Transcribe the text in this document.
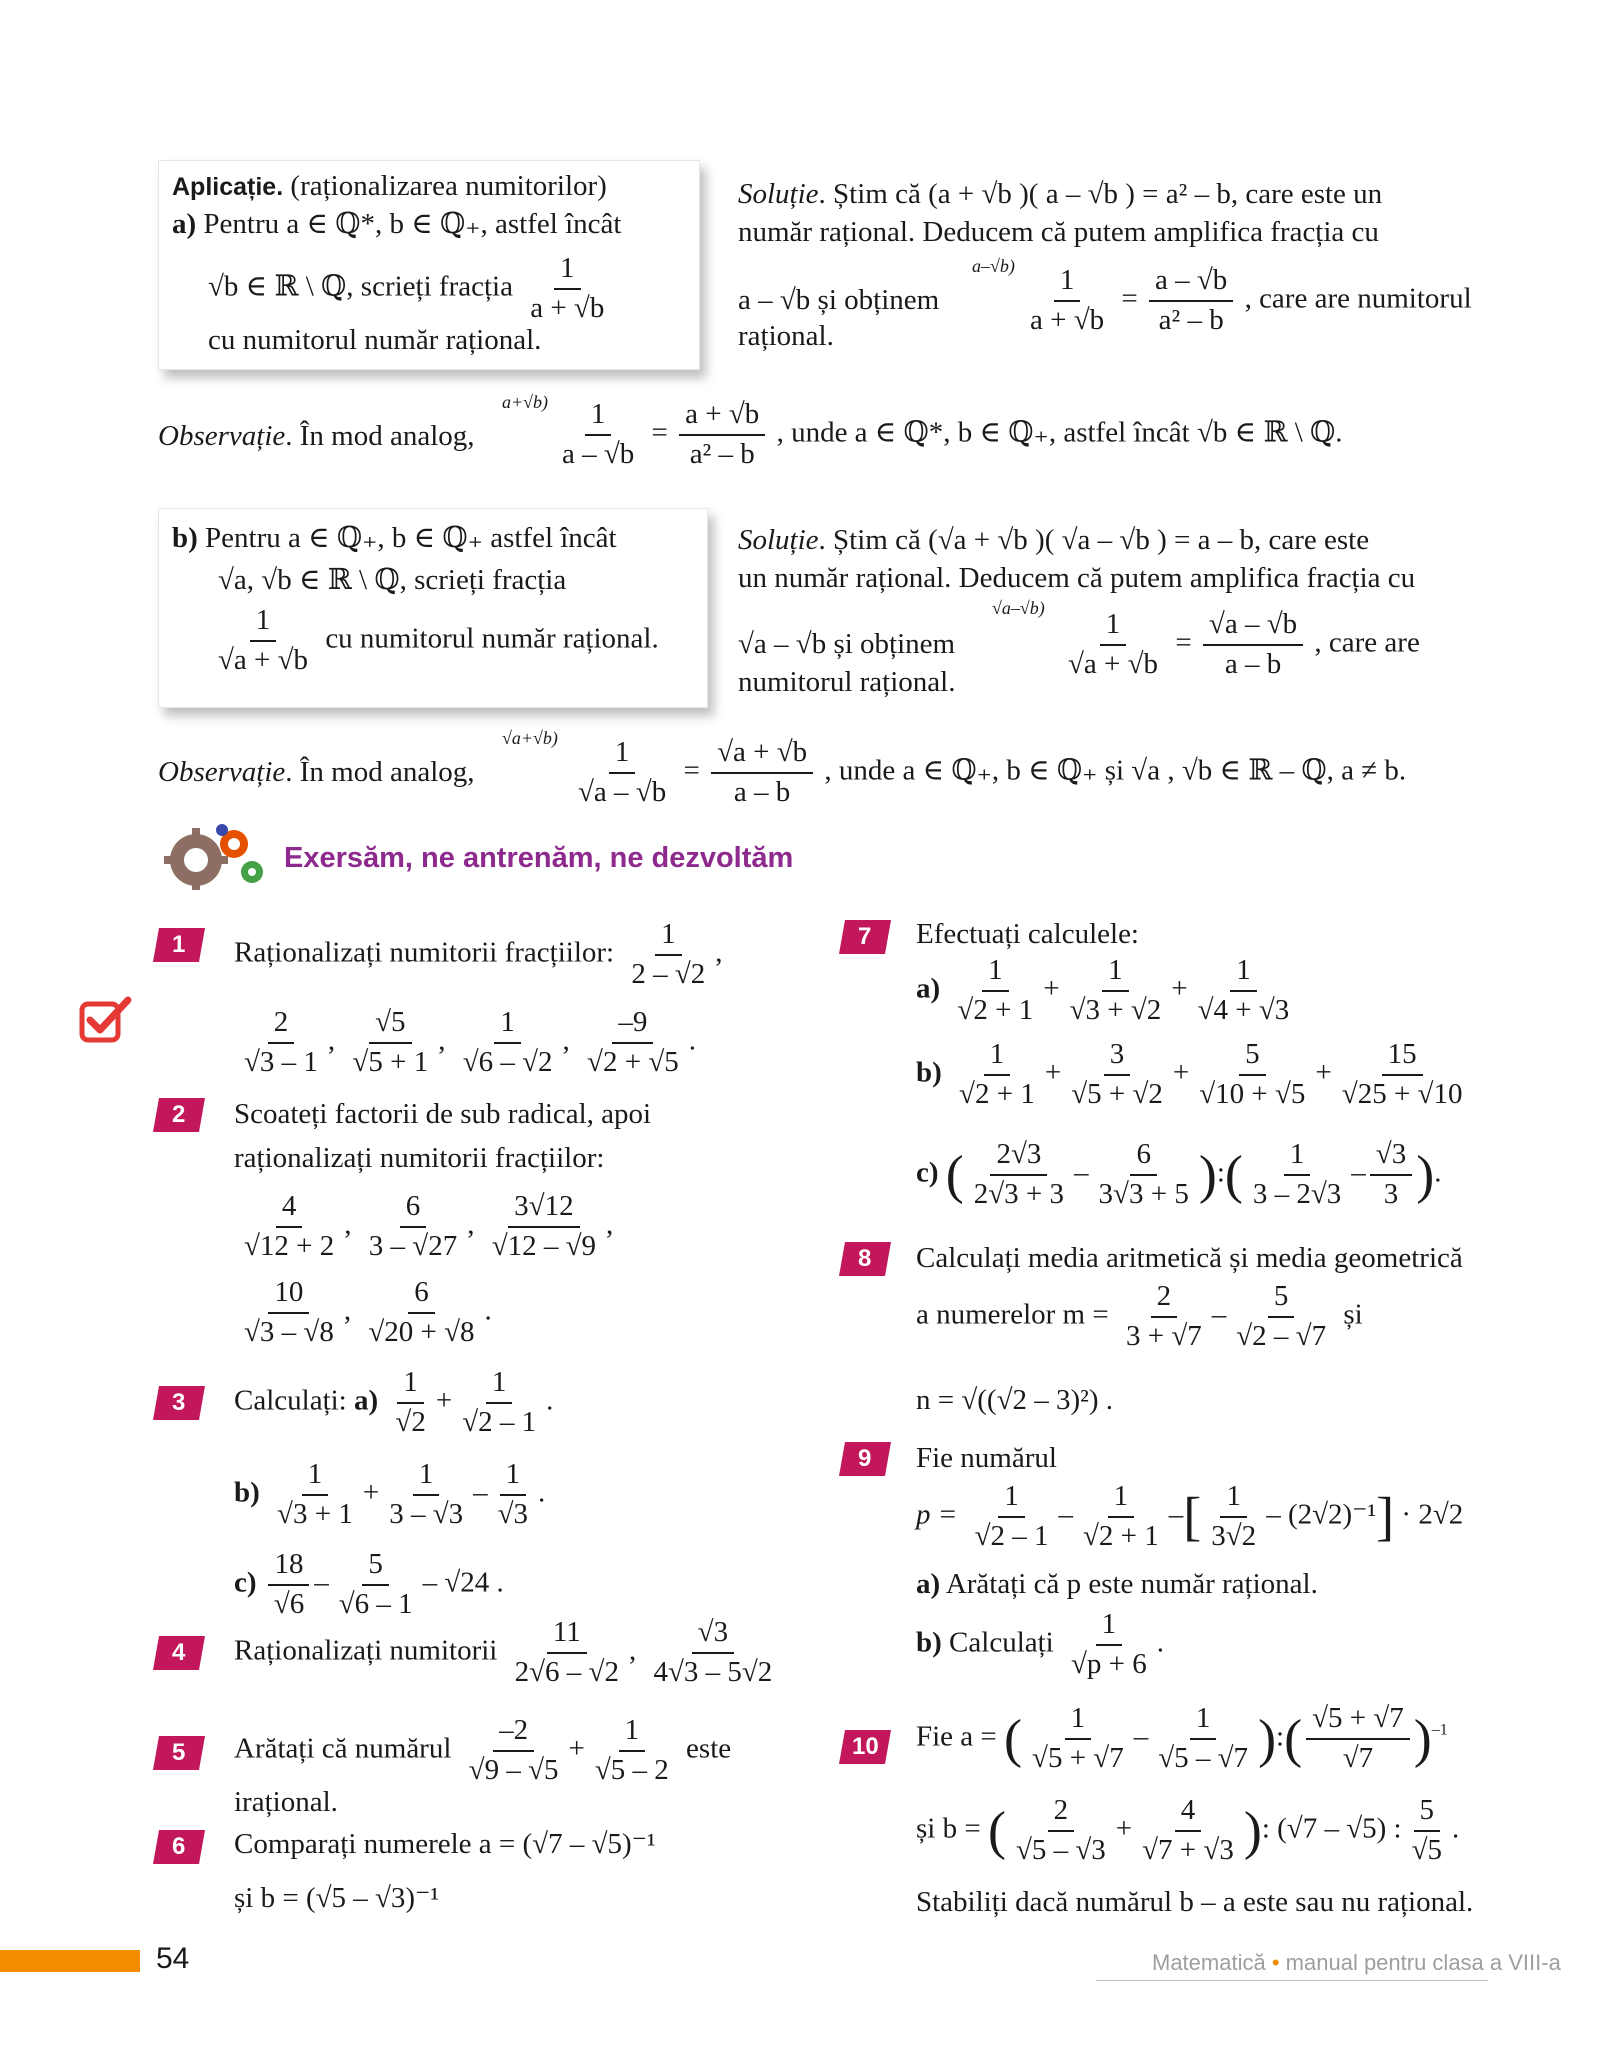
Aplicație. (raționalizarea numitorilor)
a) Pentru a ∈ ℚ*, b ∈ ℚ₊, astfel încât
√b ∈ ℝ \ ℚ, scrieți fracția $\frac{1}{a + √b}$
cu numitorul număr rațional.
Soluție. Știm că (a + √b )( a – √b ) = a² – b, care este un
număr rațional. Deducem că putem amplifica fracția cu
a – √b și obținem
rațional.
$a-√b) \frac{1}{a + √b} = \frac{a - √b}{\text{a² – b}}$ , care are numitorul
Observație. În mod analog,
$a+√b) \frac{1}{a - √b} = \frac{a + √b}{\text{a² – b}}$ , unde a ∈ ℚ*, b ∈ ℚ₊, astfel încât √b ∈ ℝ \ ℚ.
b) Pentru a ∈ ℚ₊, b ∈ ℚ₊ astfel încât
√a, √b ∈ ℝ \ ℚ, scrieți fracția
$\frac{1}{√a + √b}$ cu numitorul număr rațional.
Soluție. Știm că (√a + √b )( √a – √b ) = a – b, care este
un număr rațional. Deducem că putem amplifica fracția cu
√a – √b și obținem
numitorul rațional.
$√a-√b) \frac{1}{√a + √b} = \frac{√a - √b}{a - b}$ , care are
Observație. În mod analog,
$√a+√b) \frac{1}{√a - √b} = \frac{√a + √b}{a - b}$ , unde a ∈ ℚ₊, b ∈ ℚ₊ și √a , √b ∈ ℝ – ℚ, a ≠ b.
Exersăm, ne antrenăm, ne dezvoltăm
1 Raționalizați numitorii fracțiilor: $\frac{1}{2 - √2}$ ,
$\frac{2}{√3 - 1}$ , $\frac{√5}{√5 + 1}$ , $\frac{1}{√6 - √2}$ , $\frac{-9}{√2 + √5}$ .
2 Scoateți factorii de sub radical, apoi
raționalizați numitorii fracțiilor:
$\frac{4}{√12 + 2}$ , $\frac{6}{3 - √27}$ , $\frac{3√12}{√12 - √9}$ ,
$\frac{10}{√3 - √8}$ , $\frac{6}{√20 + √8}$ .
3 Calculați: $a) \frac{1}{√2} + \frac{1}{√2 - 1}$ .
$b) \frac{1}{√3 + 1} + \frac{1}{3 - √3} - \frac{1}{√3}$ .
$c) \frac{18}{√6} - \frac{5}{√6 - 1} - √24$ .
4 Raționalizați numitorii $\frac{11}{2√6 - √2}$ , $\frac{√3}{4√3 - 5√2}$
5 Arătați că numărul $\frac{-2}{√9 - √5} + \frac{1}{√5 - 2}$ este
irațional.
6 Comparați numerele a = (√7 – √5)⁻¹
și b = (√5 – √3)⁻¹
7 Efectuați calculele:
$a) \frac{1}{√2 + 1} + \frac{1}{√3 + √2} + \frac{1}{√4 + √3}$
$b) \frac{1}{√2 + 1} + \frac{3}{√5 + √2} + \frac{5}{√10 + √5} + \frac{15}{√25 + √10}$
c) ( $\frac{2√3}{2√3 + 3} - \frac{6}{3√3 + 5}$ ):( $\frac{1}{3 - 2√3} - \frac{√3}{3}$ ).
8 Calculați media aritmetică și media geometrică
a numerelor $m = \frac{2}{3 + √7} - \frac{5}{√2 - √7}$ și
n = √((√2 – 3)²) .
9 Fie numărul
$p = \frac{1}{√2 - 1} - \frac{1}{√2 + 1}$ –[ $\frac{1}{3√2} - (2√2)^{-1}] \cdot 2√2$
a) Arătați că p este număr rațional.
b) Calculați $\frac{1}{√p + 6}$ .
10 Fie a = ( $\frac{1}{√5 + √7} - \frac{1}{√5 - √7}$ ):( $\frac{√5 + √7}{√7} )^{-1}$
și b = ( $\frac{2}{√5 - √3} + \frac{4}{√7 + √3}$ ): (√7 – √5) : $\frac{5}{√5}$ .
Stabiliți dacă numărul b – a este sau nu rațional.
54	Matematică • manual pentru clasa a VIII-a
